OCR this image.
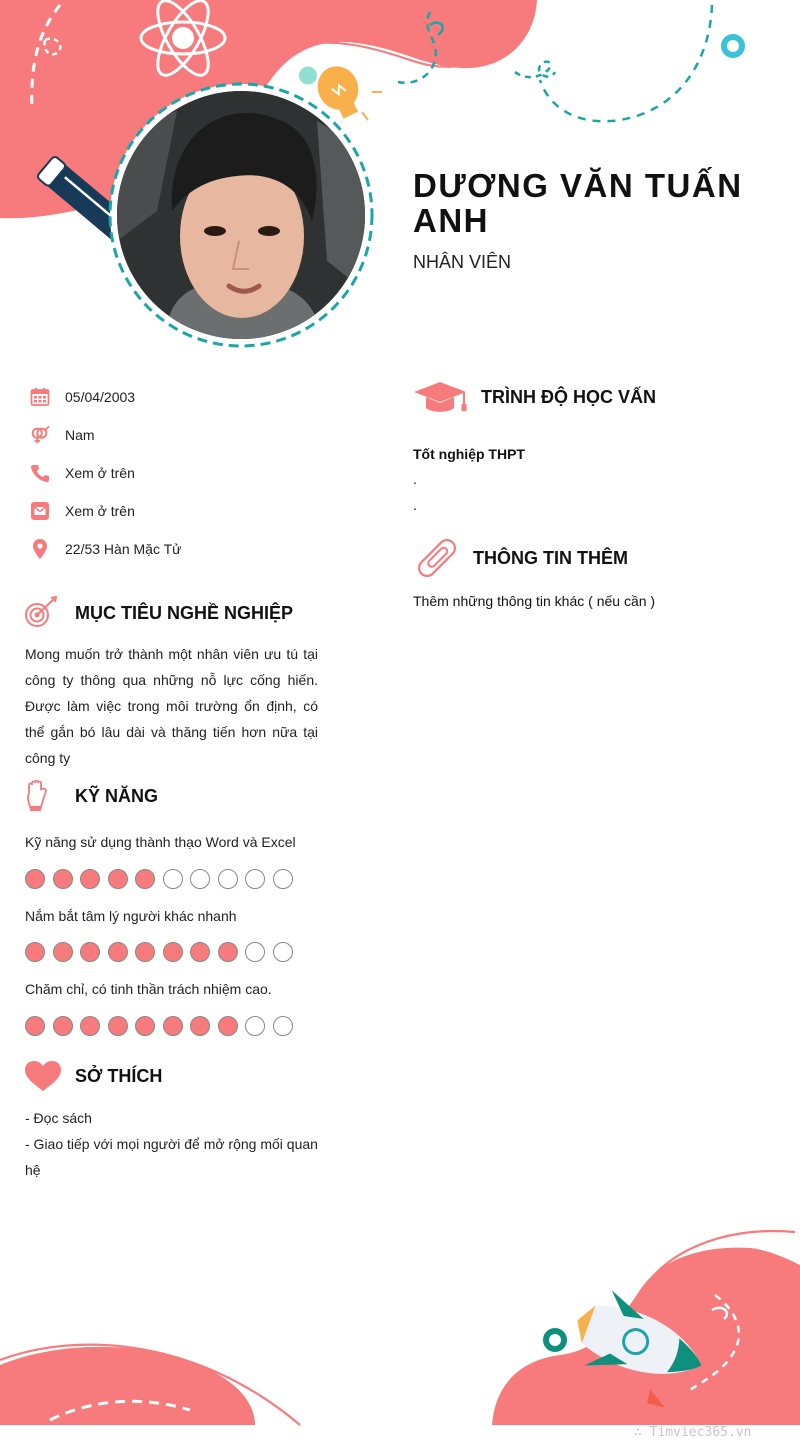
DƯƠNG VĂN TUẤN ANH
NHÂN VIÊN
05/04/2003
Nam
Xem ở trên
Xem ở trên
22/53 Hàn Mặc Tử
MỤC TIÊU NGHỀ NGHIỆP
Mong muốn trở thành một nhân viên ưu tú tại công ty thông qua những nỗ lực cống hiến. Được làm việc trong môi trường ổn định, có thể gắn bó lâu dài và thăng tiến hơn nữa tại công ty
KỸ NĂNG
Kỹ năng sử dụng thành thạo Word và Excel
Nắm bắt tâm lý người khác nhanh
Chăm chỉ, có tinh thần trách nhiệm cao.
SỞ THÍCH
- Đọc sách
- Giao tiếp với mọi người để mở rộng mối quan hệ
TRÌNH ĐỘ HỌC VẤN
Tốt nghiệp THPT
.
.
THÔNG TIN THÊM
Thêm những thông tin khác ( nếu cần )
∴ Timviec365.vn
